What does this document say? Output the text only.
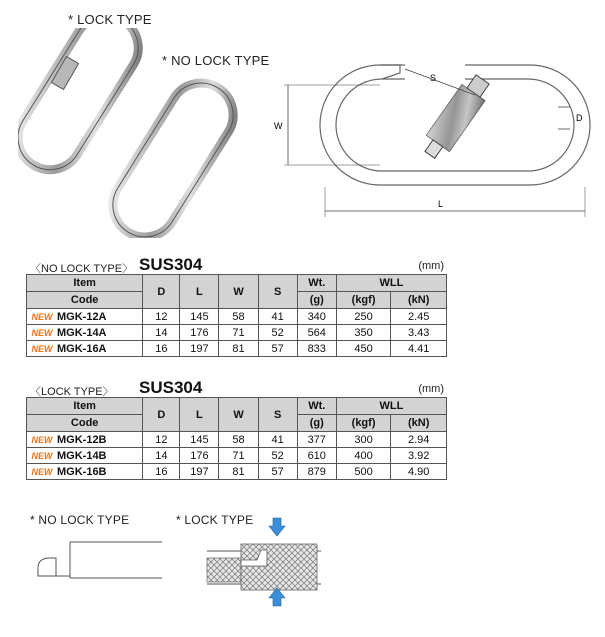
* LOCK TYPE
* NO LOCK TYPE
S
W
D
L
〈NO LOCK TYPE〉 SUS304	(mm)
Item	D	L	W	S	Wt.	WLL	
Code					(g)	(kgf)	(kN)
NEW MGK-12A	12	145	58	41	340	250	2.45
NEW MGK-14A	14	176	71	52	564	350	3.43
NEW MGK-16A	16	197	81	57	833	450	4.41
〈LOCK TYPE〉 SUS304	(mm)
Item	D	L	W	S	Wt.	WLL	
Code					(g)	(kgf)	(kN)
NEW MGK-12B	12	145	58	41	377	300	2.94
NEW MGK-14B	14	176	71	52	610	400	3.92
NEW MGK-16B	16	197	81	57	879	500	4.90
* NO LOCK TYPE	* LOCK TYPE
